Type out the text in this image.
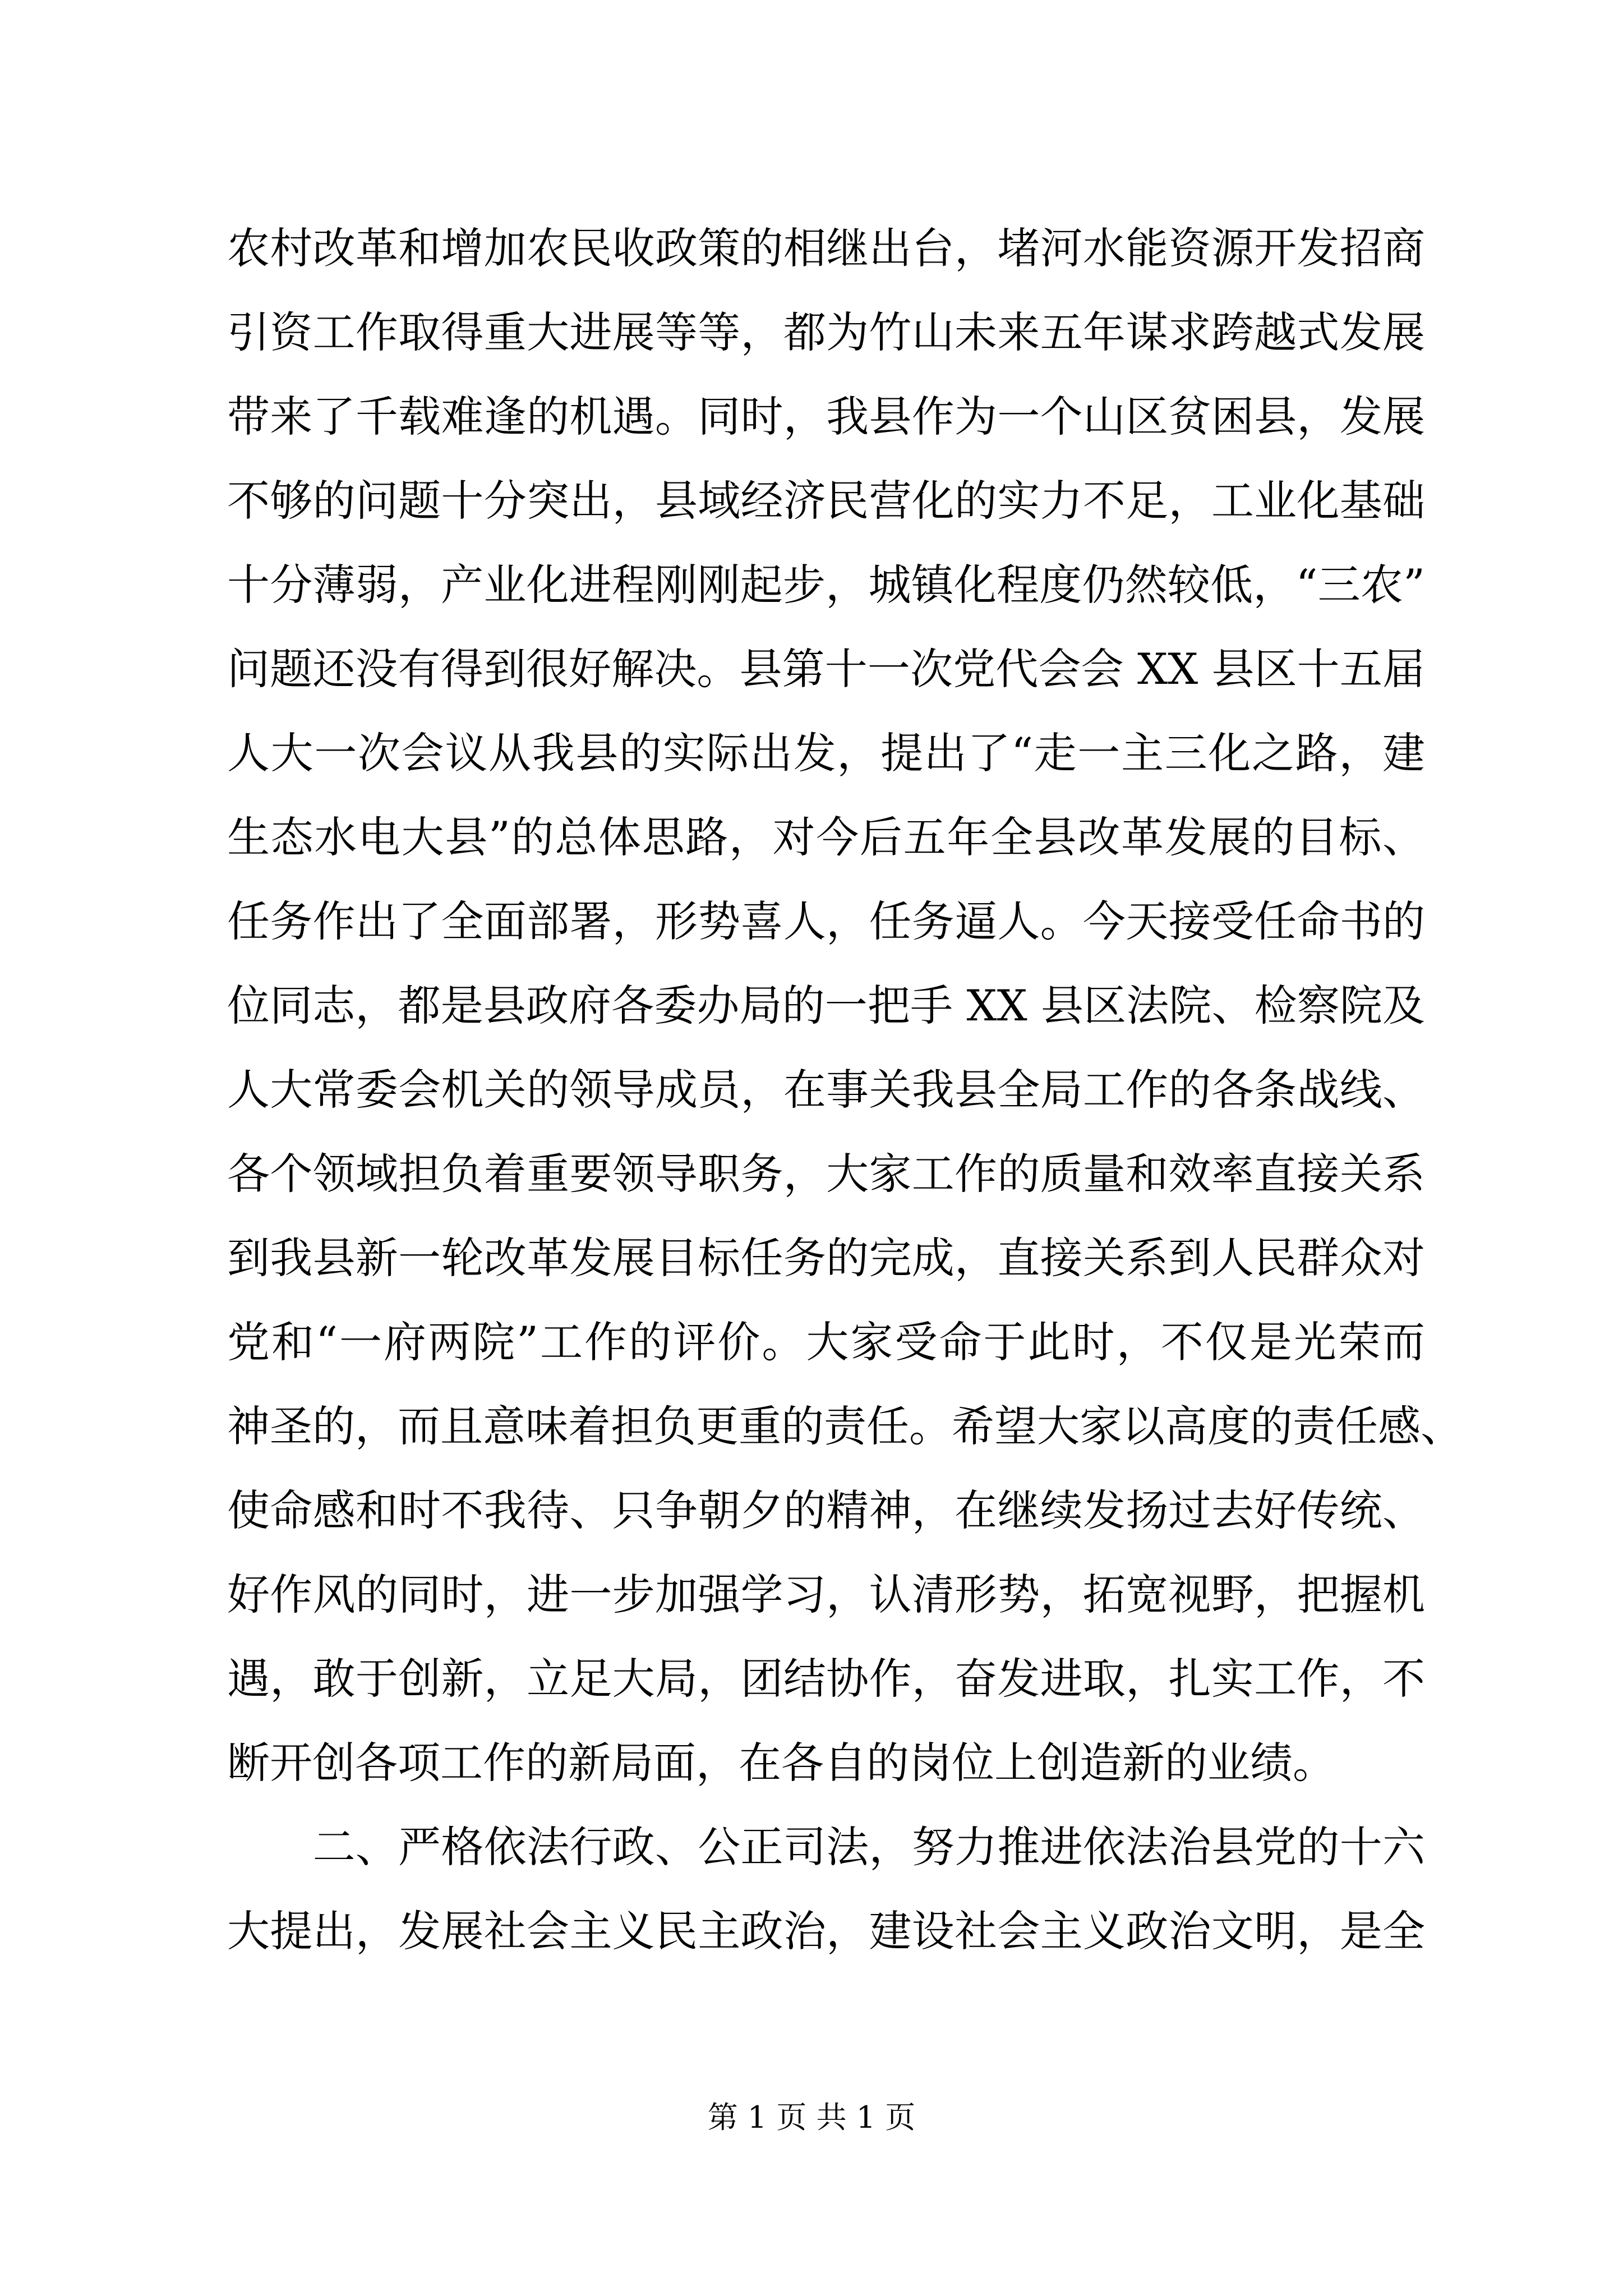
农村改革和增加农民收政策的相继出台，堵河水能资源开发招商
引资工作取得重大进展等等，都为竹山未来五年谋求跨越式发展
带来了千载难逢的机遇。同时，我县作为一个山区贫困县，发展
不够的问题十分突出，县域经济民营化的实力不足，工业化基础
十分薄弱，产业化进程刚刚起步，城镇化程度仍然较低，“三农”
问题还没有得到很好解决。县第十一次党代会会 XX 县区十五届
人大一次会议从我县的实际出发，提出了“走一主三化之路，建
生态水电大县”的总体思路，对今后五年全县改革发展的目标、
任务作出了全面部署，形势喜人，任务逼人。今天接受任命书的
位同志，都是县政府各委办局的一把手 XX 县区法院、检察院及
人大常委会机关的领导成员，在事关我县全局工作的各条战线、
各个领域担负着重要领导职务，大家工作的质量和效率直接关系
到我县新一轮改革发展目标任务的完成，直接关系到人民群众对
党和“一府两院”工作的评价。大家受命于此时，不仅是光荣而
神圣的，而且意味着担负更重的责任。希望大家以高度的责任感、
使命感和时不我待、只争朝夕的精神，在继续发扬过去好传统、
好作风的同时，进一步加强学习，认清形势，拓宽视野，把握机
遇，敢于创新，立足大局，团结协作，奋发进取，扎实工作，不
断开创各项工作的新局面，在各自的岗位上创造新的业绩。
　　二、严格依法行政、公正司法，努力推进依法治县党的十六
大提出，发展社会主义民主政治，建设社会主义政治文明，是全
第 1 页 共 1 页
